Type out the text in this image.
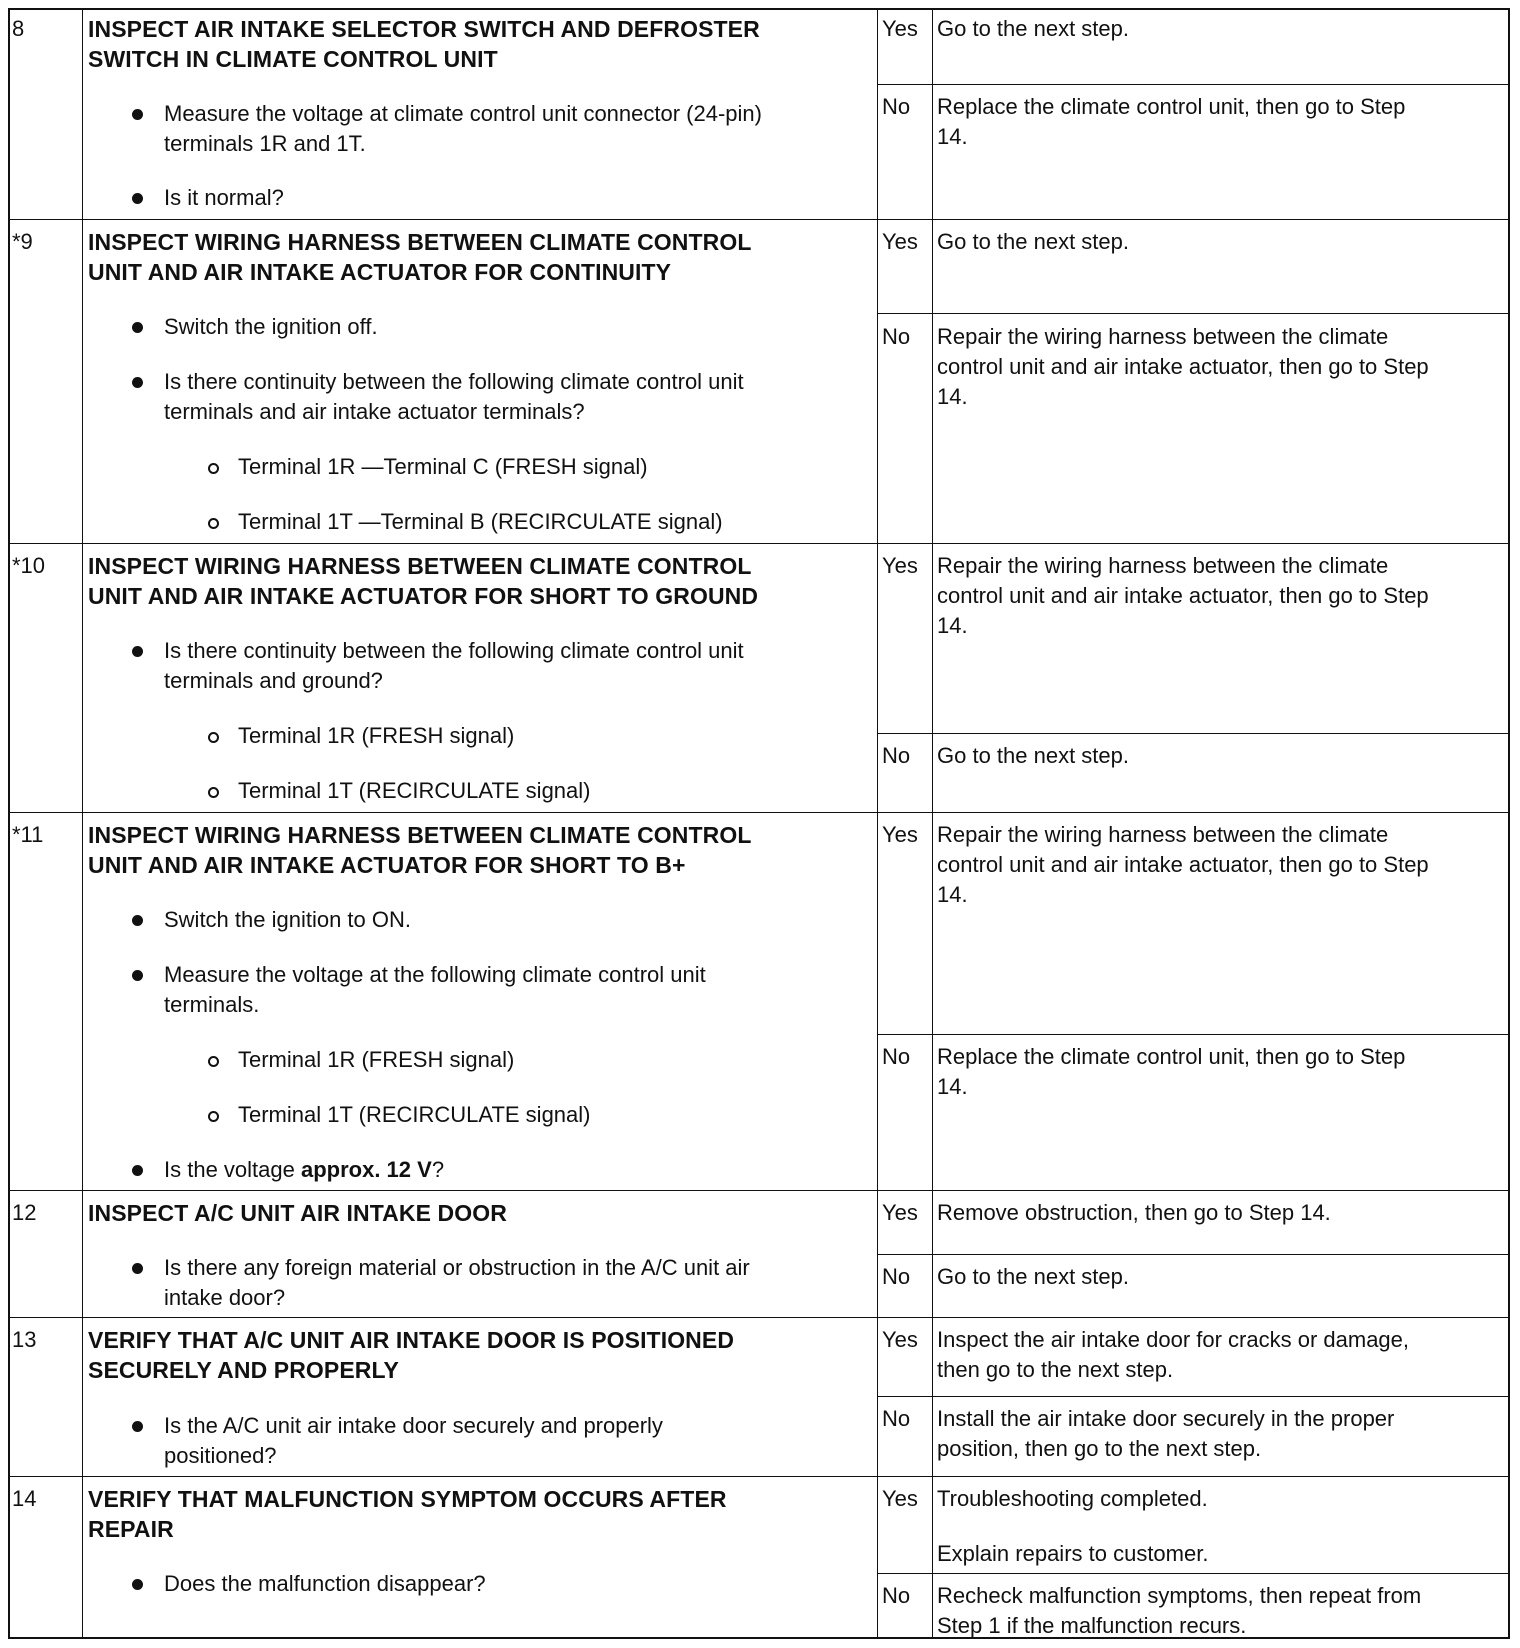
8	INSPECT AIR INTAKE SELECTOR SWITCH AND DEFROSTER
SWITCH IN CLIMATE CONTROL UNIT
Measure the voltage at climate control unit connector (24-pin)
terminals 1R and 1T.
Is it normal?
Yes Go to the next step.
No Replace the climate control unit, then go to Step
14.
*9 INSPECT WIRING HARNESS BETWEEN CLIMATE CONTROL
UNIT AND AIR INTAKE ACTUATOR FOR CONTINUITY
Switch the ignition off.
Is there continuity between the following climate control unit
terminals and air intake actuator terminals?
Terminal 1R —Terminal C (FRESH signal)
Terminal 1T —Terminal B (RECIRCULATE signal)
Yes Go to the next step.
No Repair the wiring harness between the climate
control unit and air intake actuator, then go to Step
14.
*10 INSPECT WIRING HARNESS BETWEEN CLIMATE CONTROL
UNIT AND AIR INTAKE ACTUATOR FOR SHORT TO GROUND
Is there continuity between the following climate control unit
terminals and ground?
Terminal 1R (FRESH signal)
Terminal 1T (RECIRCULATE signal)
Yes Repair the wiring harness between the climate
control unit and air intake actuator, then go to Step
14.
No Go to the next step.
*11 INSPECT WIRING HARNESS BETWEEN CLIMATE CONTROL
UNIT AND AIR INTAKE ACTUATOR FOR SHORT TO B+
Switch the ignition to ON.
Measure the voltage at the following climate control unit
terminals.
Terminal 1R (FRESH signal)
Terminal 1T (RECIRCULATE signal)
Is the voltage approx. 12 V?
Yes Repair the wiring harness between the climate
control unit and air intake actuator, then go to Step
14.
No Replace the climate control unit, then go to Step
14.
12 INSPECT A/C UNIT AIR INTAKE DOOR
Is there any foreign material or obstruction in the A/C unit air
intake door?
Yes Remove obstruction, then go to Step 14.
No Go to the next step.
13 VERIFY THAT A/C UNIT AIR INTAKE DOOR IS POSITIONED
SECURELY AND PROPERLY
Is the A/C unit air intake door securely and properly
positioned?
Yes Inspect the air intake door for cracks or damage,
then go to the next step.
No Install the air intake door securely in the proper
position, then go to the next step.
14 VERIFY THAT MALFUNCTION SYMPTOM OCCURS AFTER
REPAIR
Does the malfunction disappear?
Yes Troubleshooting completed.
Explain repairs to customer.
No Recheck malfunction symptoms, then repeat from
Step 1 if the malfunction recurs.
